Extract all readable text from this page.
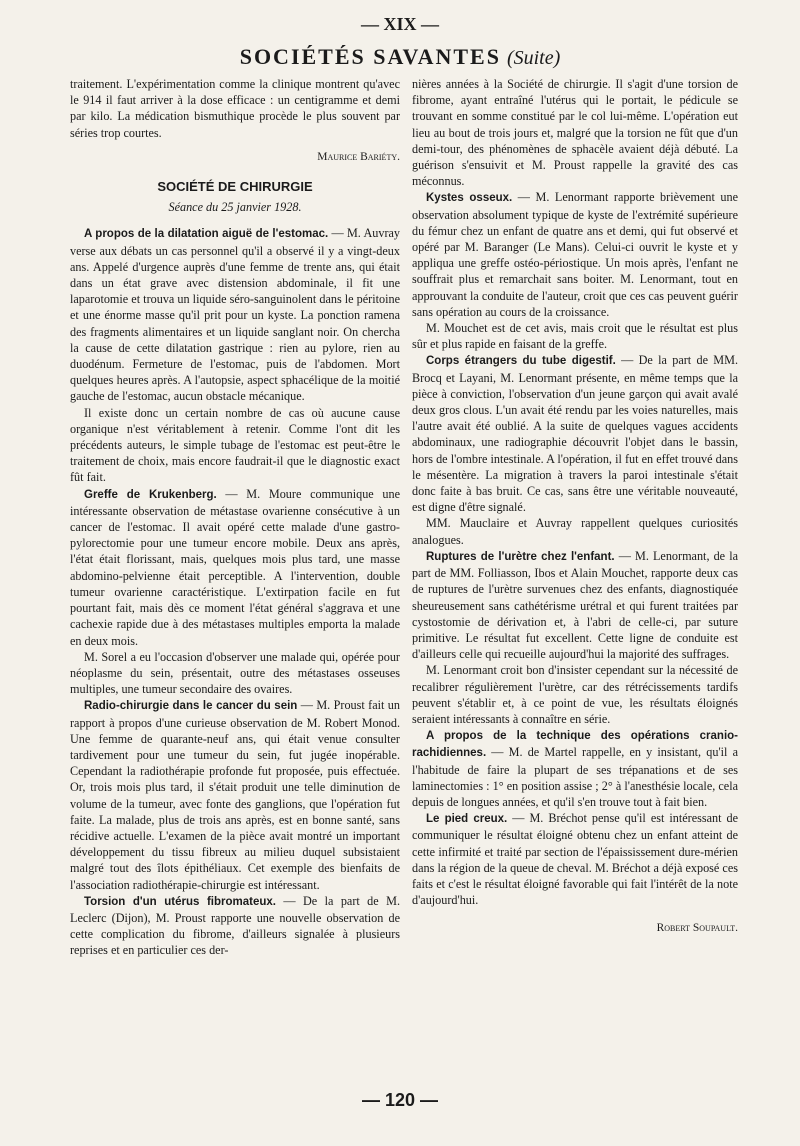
— XIX —
SOCIÉTÉS SAVANTES (Suite)

traitement. L'expérimentation comme la clinique montrent qu'avec le 914 il faut arriver à la dose efficace : un centigramme et demi par kilo. La médication bismuthique procède le plus souvent par séries trop courtes.

Maurice Bariéty.

SOCIÉTÉ DE CHIRURGIE

Séance du 25 janvier 1928.

A propos de la dilatation aiguë de l'estomac. — M. Auvray verse aux débats un cas personnel qu'il a observé il y a vingt-deux ans. Appelé d'urgence auprès d'une femme de trente ans, qui était dans un état grave avec distension abdominale, il fit une laparotomie et trouva un liquide séro-sanguinolent dans le péritoine et une énorme masse qu'il prit pour un kyste. La ponction ramena des fragments alimentaires et un liquide sanglant noir. On chercha la cause de cette dilatation gastrique : rien au pylore, rien au duodénum. Fermeture de l'estomac, puis de l'abdomen. Mort quelques heures après. A l'autopsie, aspect sphacélique de la moitié gauche de l'estomac, aucun obstacle mécanique.

Il existe donc un certain nombre de cas où aucune cause organique n'est véritablement à retenir. Comme l'ont dit les précédents auteurs, le simple tubage de l'estomac est peut-être le traitement de choix, mais encore faudrait-il que le diagnostic exact fût fait.

Greffe de Krukenberg. — M. Moure communique une intéressante observation de métastase ovarienne consécutive à un cancer de l'estomac. Il avait opéré cette malade d'une gastro-pylorectomie pour une tumeur encore mobile. Deux ans après, l'état était florissant, mais, quelques mois plus tard, une masse abdomino-pelvienne était perceptible. A l'intervention, double tumeur ovarienne caractéristique. L'extirpation facile en fut pourtant fait, mais dès ce moment l'état général s'aggrava et une cachexie rapide due à des métastases multiples emporta la malade en deux mois.

M. Sorel a eu l'occasion d'observer une malade qui, opérée pour néoplasme du sein, présentait, outre des métastases osseuses multiples, une tumeur secondaire des ovaires.

Radio-chirurgie dans le cancer du sein — M. Proust fait un rapport à propos d'une curieuse observation de M. Robert Monod. Une femme de quarante-neuf ans, qui était venue consulter tardivement pour une tumeur du sein, fut jugée inopérable. Cependant la radiothérapie profonde fut proposée, puis effectuée. Or, trois mois plus tard, il s'était produit une telle diminution de volume de la tumeur, avec fonte des ganglions, que l'opération fut faite. La malade, plus de trois ans après, est en bonne santé, sans récidive actuelle. L'examen de la pièce avait montré un important développement du tissu fibreux au milieu duquel subsistaient malgré tout des îlots épithéliaux. Cet exemple des bienfaits de l'association radiothérapie-chirurgie est intéressant.

Torsion d'un utérus fibromateux. — De la part de M. Leclerc (Dijon), M. Proust rapporte une nouvelle observation de cette complication du fibrome, d'ailleurs signalée à plusieurs reprises et en particulier ces der-

nières années à la Société de chirurgie. Il s'agit d'une torsion de fibrome, ayant entraîné l'utérus qui le portait, le pédicule se trouvant en somme constitué par le col lui-même. L'opération eut lieu au bout de trois jours et, malgré que la torsion ne fût que d'un demi-tour, des phénomènes de sphacèle avaient déjà débuté. La guérison s'ensuivit et M. Proust rappelle la gravité des cas méconnus.

Kystes osseux. — M. Lenormant rapporte brièvement une observation absolument typique de kyste de l'extrémité supérieure du fémur chez un enfant de quatre ans et demi, qui fut observé et opéré par M. Baranger (Le Mans). Celui-ci ouvrit le kyste et y appliqua une greffe ostéo-périostique. Un mois après, l'enfant ne souffrait plus et remarchait sans boiter. M. Lenormant, tout en approuvant la conduite de l'auteur, croit que ces cas peuvent guérir sans opération au cours de la croissance.

M. Mouchet est de cet avis, mais croit que le résultat est plus sûr et plus rapide en faisant de la greffe.

Corps étrangers du tube digestif. — De la part de MM. Brocq et Layani, M. Lenormant présente, en même temps que la pièce à conviction, l'observation d'un jeune garçon qui avait avalé deux gros clous. L'un avait été rendu par les voies naturelles, mais l'autre avait été oublié. A la suite de quelques vagues accidents abdominaux, une radiographie découvrit l'objet dans le bassin, hors de l'ombre intestinale. A l'opération, il fut en effet trouvé dans le mésentère. La migration à travers la paroi intestinale s'était donc faite à bas bruit. Ce cas, sans être une véritable nouveauté, est digne d'être signalé.

MM. Mauclaire et Auvray rappellent quelques curiosités analogues.

Ruptures de l'urètre chez l'enfant. — M. Lenormant, de la part de MM. Folliasson, Ibos et Alain Mouchet, rapporte deux cas de ruptures de l'urètre survenues chez des enfants, diagnostiquée sheureusement sans cathétérisme urétral et qui furent traitées par cystostomie de dérivation et, à l'abri de celle-ci, par suture primitive. Le résultat fut excellent. Cette ligne de conduite est d'ailleurs celle qui recueille aujourd'hui la majorité des suffrages.

M. Lenormant croit bon d'insister cependant sur la nécessité de recalibrer régulièrement l'urètre, car des rétrécissements tardifs peuvent s'établir et, à ce point de vue, les résultats éloignés seraient intéressants à connaître en série.

A propos de la technique des opérations cranio-rachidiennes. — M. de Martel rappelle, en y insistant, qu'il a l'habitude de faire la plupart de ses trépanations et de ses laminectomies : 1° en position assise ; 2° à l'anesthésie locale, cela depuis de longues années, et qu'il s'en trouve tout à fait bien.

Le pied creux. — M. Bréchot pense qu'il est intéressant de communiquer le résultat éloigné obtenu chez un enfant atteint de cette infirmité et traité par section de l'épaississement dure-mérien dans la région de la queue de cheval. M. Bréchot a déjà exposé ces faits et c'est le résultat éloigné favorable qui fait l'intérêt de la note d'aujourd'hui.

Robert Soupault.

— 120 —
